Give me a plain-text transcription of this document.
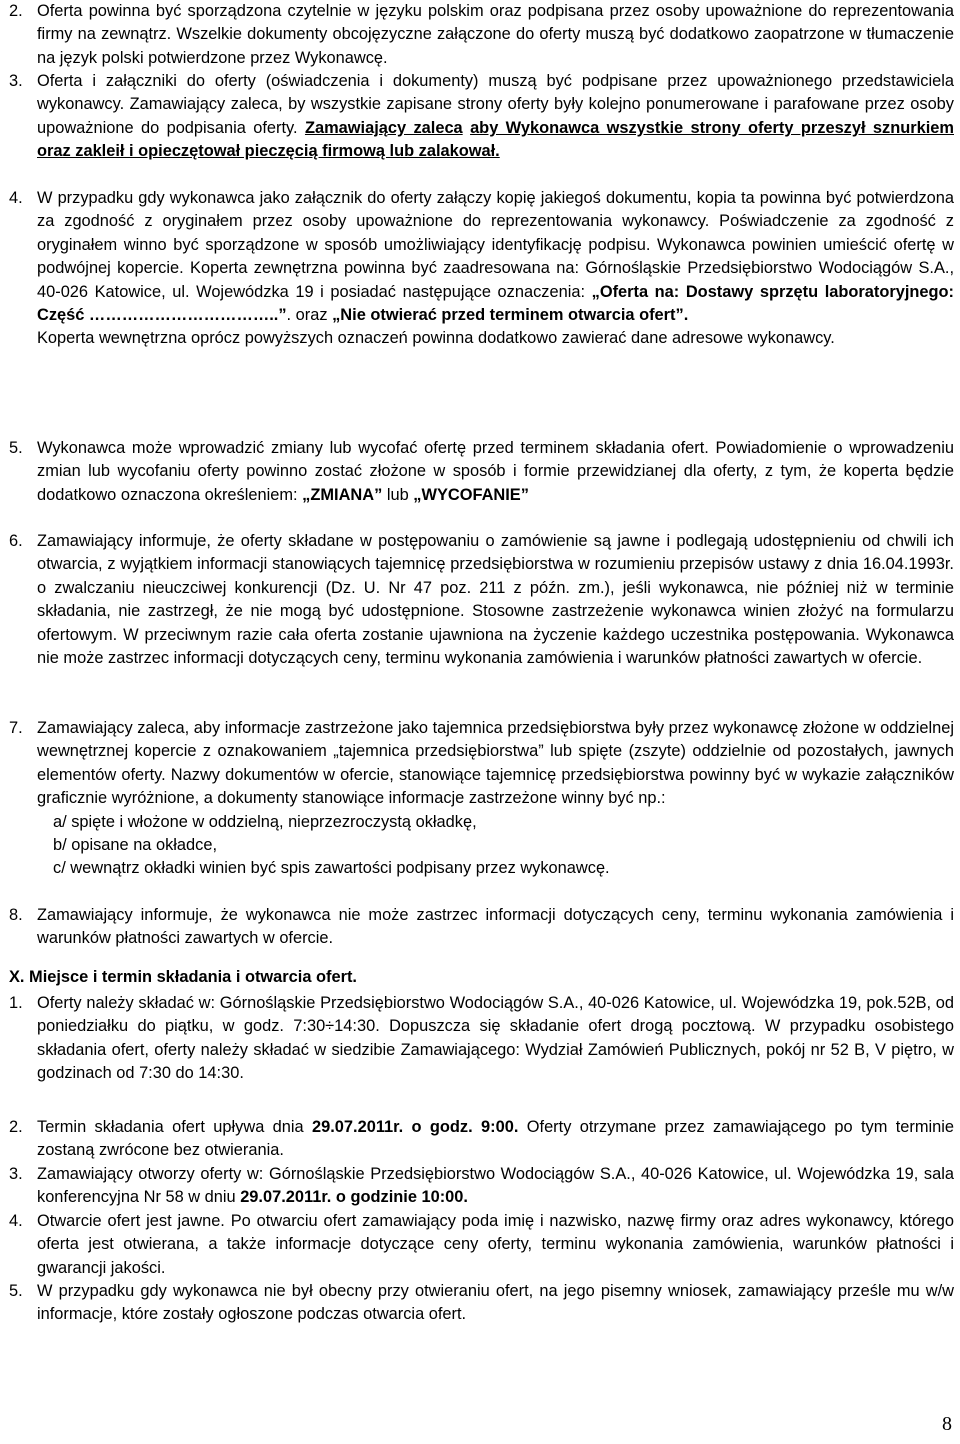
2. Oferta powinna być sporządzona czytelnie w języku polskim oraz podpisana przez osoby upoważnione do reprezentowania firmy na zewnątrz. Wszelkie dokumenty obcojęzyczne załączone do oferty muszą być dodatkowo zaopatrzone w tłumaczenie na język polski potwierdzone przez Wykonawcę.
3. Oferta i załączniki do oferty (oświadczenia i dokumenty) muszą być podpisane przez upoważnionego przedstawiciela wykonawcy. Zamawiający zaleca, by wszystkie zapisane strony oferty były kolejno ponumerowane i parafowane przez osoby upoważnione do podpisania oferty. Zamawiający zaleca aby Wykonawca wszystkie strony oferty przeszył sznurkiem oraz zakleił i opieczętował pieczęcią firmową lub zalakował.
4. W przypadku gdy wykonawca jako załącznik do oferty załączy kopię jakiegoś dokumentu, kopia ta powinna być potwierdzona za zgodność z oryginałem przez osoby upoważnione do reprezentowania wykonawcy. Poświadczenie za zgodność z oryginałem winno być sporządzone w sposób umożliwiający identyfikację podpisu. Wykonawca powinien umieścić ofertę w podwójnej kopercie. Koperta zewnętrzna powinna być zaadresowana na: Górnośląskie Przedsiębiorstwo Wodociągów S.A., 40-026 Katowice, ul. Wojewódzka 19 i posiadać następujące oznaczenia: „Oferta na: Dostawy sprzętu laboratoryjnego: Część ……………………………..”. oraz „Nie otwierać przed terminem otwarcia ofert”.
Koperta wewnętrzna oprócz powyższych oznaczeń powinna dodatkowo zawierać dane adresowe wykonawcy.
5. Wykonawca może wprowadzić zmiany lub wycofać ofertę przed terminem składania ofert. Powiadomienie o wprowadzeniu zmian lub wycofaniu oferty powinno zostać złożone w sposób i formie przewidzianej dla oferty, z tym, że koperta będzie dodatkowo oznaczona określeniem: „ZMIANA” lub „WYCOFANIE”
6. Zamawiający informuje, że oferty składane w postępowaniu o zamówienie są jawne i podlegają udostępnieniu od chwili ich otwarcia, z wyjątkiem informacji stanowiących tajemnicę przedsiębiorstwa w rozumieniu przepisów ustawy z dnia 16.04.1993r. o zwalczaniu nieuczciwej konkurencji (Dz. U. Nr 47 poz. 211 z późn. zm.), jeśli wykonawca, nie później niż w terminie składania, nie zastrzegł, że nie mogą być udostępnione. Stosowne zastrzeżenie wykonawca winien złożyć na formularzu ofertowym. W przeciwnym razie cała oferta zostanie ujawniona na życzenie każdego uczestnika postępowania. Wykonawca nie może zastrzec informacji dotyczących ceny, terminu wykonania zamówienia i warunków płatności zawartych w ofercie.
7. Zamawiający zaleca, aby informacje zastrzeżone jako tajemnica przedsiębiorstwa były przez wykonawcę złożone w oddzielnej wewnętrznej kopercie z oznakowaniem „tajemnica przedsiębiorstwa” lub spięte (zszyte) oddzielnie od pozostałych, jawnych elementów oferty. Nazwy dokumentów w ofercie, stanowiące tajemnicę przedsiębiorstwa powinny być w wykazie załączników graficznie wyróżnione, a dokumenty stanowiące informacje zastrzeżone winny być np.:
a/ spięte i włożone w oddzielną, nieprzezroczystą okładkę,
b/ opisane na okładce,
c/ wewnątrz okładki winien być spis zawartości podpisany przez wykonawcę.
8. Zamawiający informuje, że wykonawca nie może zastrzec informacji dotyczących ceny, terminu wykonania zamówienia i warunków płatności zawartych w ofercie.
X. Miejsce i termin składania i otwarcia ofert.
1. Oferty należy składać w: Górnośląskie Przedsiębiorstwo Wodociągów S.A., 40-026 Katowice, ul. Wojewódzka 19, pok.52B, od poniedziałku do piątku, w godz. 7:30÷14:30. Dopuszcza się składanie ofert drogą pocztową. W przypadku osobistego składania ofert, oferty należy składać w siedzibie Zamawiającego: Wydział Zamówień Publicznych, pokój nr 52 B, V piętro, w godzinach od 7:30 do 14:30.
2. Termin składania ofert upływa dnia 29.07.2011r. o godz. 9:00. Oferty otrzymane przez zamawiającego po tym terminie zostaną zwrócone bez otwierania.
3. Zamawiający otworzy oferty w: Górnośląskie Przedsiębiorstwo Wodociągów S.A., 40-026 Katowice, ul. Wojewódzka 19, sala konferencyjna Nr 58 w dniu 29.07.2011r. o godzinie 10:00.
4. Otwarcie ofert jest jawne. Po otwarciu ofert zamawiający poda imię i nazwisko, nazwę firmy oraz adres wykonawcy, którego oferta jest otwierana, a także informacje dotyczące ceny oferty, terminu wykonania zamówienia, warunków płatności i gwarancji jakości.
5. W przypadku gdy wykonawca nie był obecny przy otwieraniu ofert, na jego pisemny wniosek, zamawiający prześle mu w/w informacje, które zostały ogłoszone podczas otwarcia ofert.
8
